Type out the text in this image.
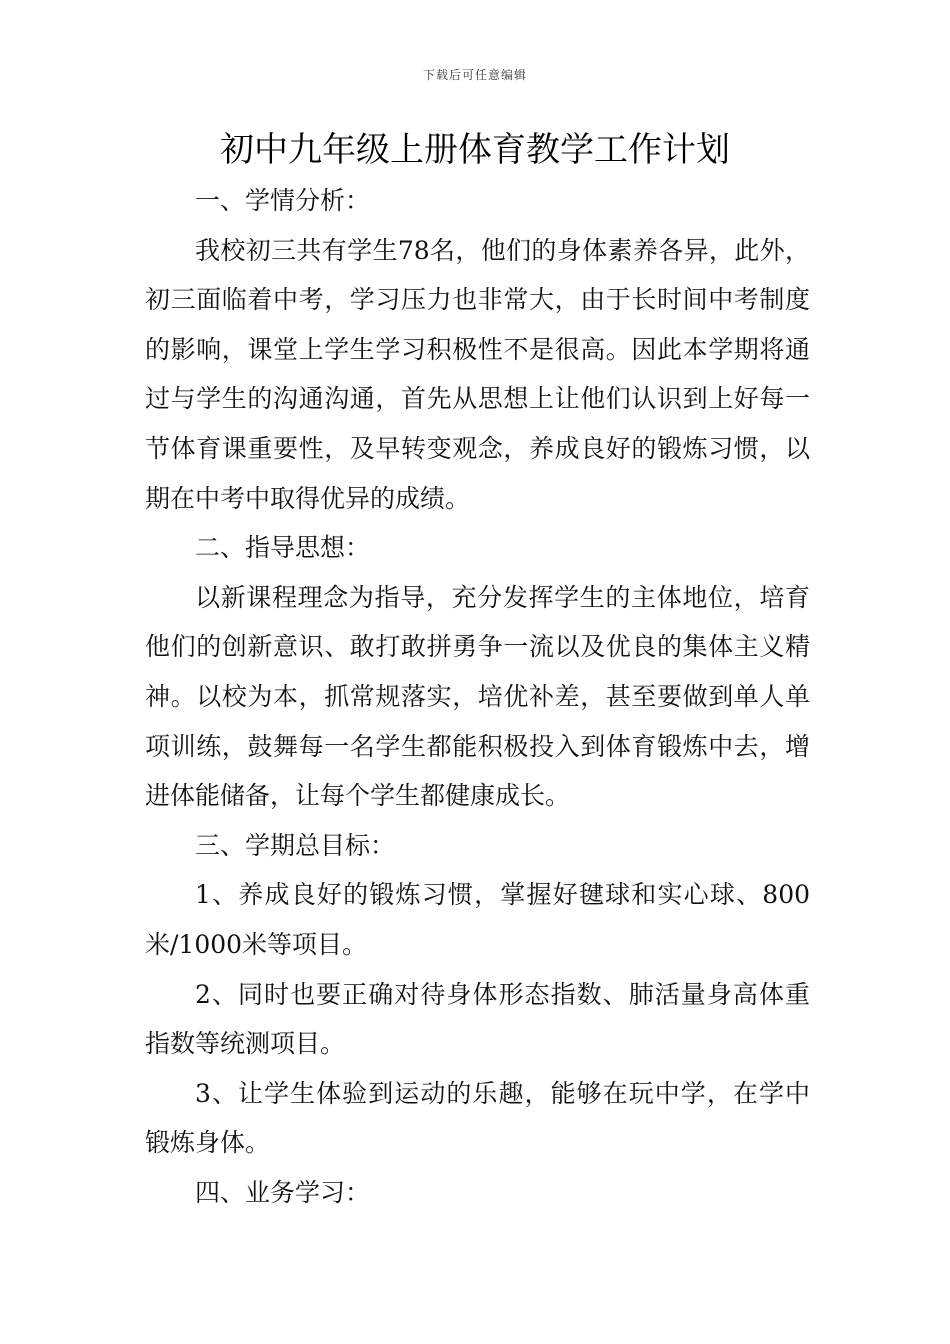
下载后可任意编辑
初中九年级上册体育教学工作计划

一、学情分析：

我校初三共有学生78名，他们的身体素养各异，此外，初三面临着中考，学习压力也非常大，由于长时间中考制度的影响，课堂上学生学习积极性不是很高。因此本学期将通过与学生的沟通沟通，首先从思想上让他们认识到上好每一节体育课重要性，及早转变观念，养成良好的锻炼习惯，以期在中考中取得优异的成绩。

二、指导思想：

以新课程理念为指导，充分发挥学生的主体地位，培育他们的创新意识、敢打敢拼勇争一流以及优良的集体主义精神。以校为本，抓常规落实，培优补差，甚至要做到单人单项训练，鼓舞每一名学生都能积极投入到体育锻炼中去，增进体能储备，让每个学生都健康成长。

三、学期总目标：

1、养成良好的锻炼习惯，掌握好毽球和实心球、800米/1000米等项目。

2、同时也要正确对待身体形态指数、肺活量身高体重指数等统测项目。

3、让学生体验到运动的乐趣，能够在玩中学，在学中锻炼身体。

四、业务学习：
